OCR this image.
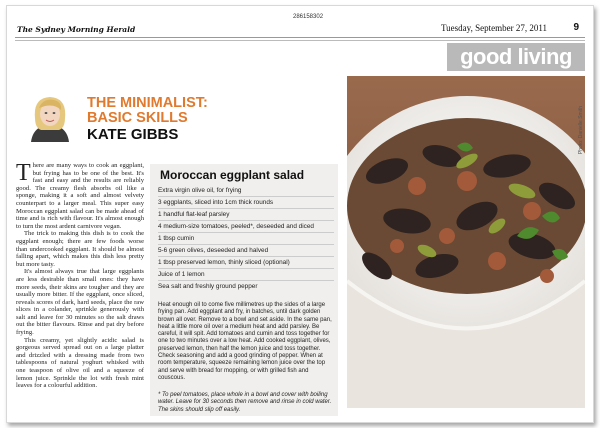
286158302
The Sydney Morning Herald	Tuesday, September 27, 2011	9
good living
THE MINIMALIST:
BASIC SKILLS
KATE GIBBS

There are many ways to cook an eggplant, but frying has to be one of the best. It's fast and easy and the results are reliably good. The creamy flesh absorbs oil like a sponge, making it a soft and almost velvety counterpart to a larger meal. This super easy Moroccan eggplant salad can be made ahead of time and is rich with flavour. It's almost enough to turn the most ardent carnivore vegan.

The trick to making this dish is to cook the eggplant enough; there are few foods worse than undercooked eggplant. It should be almost falling apart, which makes this dish less pretty but more tasty.

It's almost always true that large eggplants are less desirable than small ones: they have more seeds, their skins are tougher and they are usually more bitter. If the eggplant, once sliced, reveals scores of dark, hard seeds, place the raw slices in a colander, sprinkle generously with salt and leave for 30 minutes so the salt draws out the bitter flavours. Rinse and pat dry before frying.

This creamy, yet slightly acidic salad is gorgeous served spread out on a large platter and drizzled with a dressing made from two tablespoons of natural yoghurt whisked with one teaspoon of olive oil and a squeeze of lemon juice. Sprinkle the lot with fresh mint leaves for a colourful addition.

Moroccan eggplant salad
Extra virgin olive oil, for frying
3 eggplants, sliced into 1cm thick rounds
1 handful flat-leaf parsley
4 medium-size tomatoes, peeled*, deseeded and diced
1 tbsp cumin
5-6 green olives, deseeded and halved
1 tbsp preserved lemon, thinly sliced (optional)
Juice of 1 lemon
Sea salt and freshly ground pepper
Heat enough oil to come five millimetres up the sides of a large frying pan. Add eggplant and fry, in batches, until dark golden brown all over. Remove to a bowl and set aside. In the same pan, heat a little more oil over a medium heat and add parsley. Be careful, it will spit. Add tomatoes and cumin and toss together for one to two minutes over a low heat. Add cooked eggplant, olives, preserved lemon, then half the lemon juice and toss together. Check seasoning and add a good grinding of pepper. When at room temperature, squeeze remaining lemon juice over the top and serve with bread for mopping, or with grilled fish and couscous.
* To peel tomatoes, place whole in a bowl and cover with boiling water. Leave for 30 seconds then remove and rinse in cold water. The skins should slip off easily.
Photo: Danielle Smith
